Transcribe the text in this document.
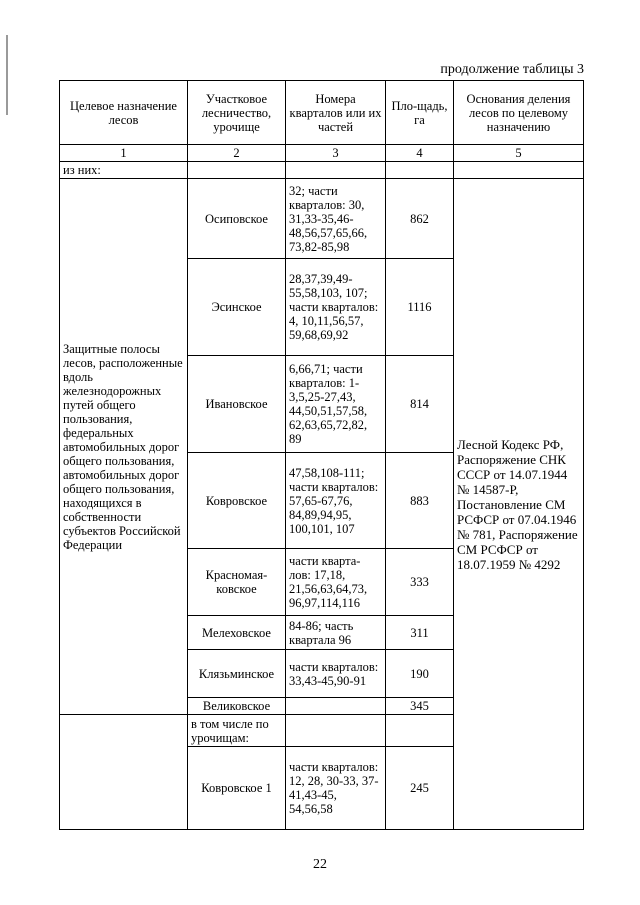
продолжение таблицы 3
Целевое назначение лесов	Участковое лесничество, урочище	Номера кварталов или их частей	Пло-щадь, га	Основания деления лесов по целевому назначению
1	2	3	4	5
из них:				
Защитные полосы лесов, расположенные вдоль железнодорожных путей общего пользования, федеральных автомобильных дорог общего пользования, автомобильных дорог общего пользования, находящихся в собственности субъектов Российской Федерации	Осиповское	32; части кварталов: 30, 31,33-35,46-48,56,57,65,66, 73,82-85,98	862	Лесной Кодекс РФ, Распоряжение СНК СССР от 14.07.1944 № 14587-Р, Постановление СМ РСФСР от 07.04.1946 № 781, Распоряжение СМ РСФСР от 18.07.1959 № 4292
	Эсинское	28,37,39,49-55,58,103, 107; части кварталов: 4, 10,11,56,57, 59,68,69,92	1116	
	Ивановское	6,66,71; части кварталов: 1-3,5,25-27,43, 44,50,51,57,58, 62,63,65,72,82, 89	814	
	Ковровское	47,58,108-111; части кварталов: 57,65-67,76, 84,89,94,95, 100,101, 107	883	
	Красномая-ковское	части кварта-лов: 17,18, 21,56,63,64,73, 96,97,114,116	333	
	Мелеховское	84-86; часть квартала 96	311	
	Клязьминское	части кварталов: 33,43-45,90-91	190	
	Великовское		345	
	в том числе по урочищам:			
	Ковровское 1	части кварталов: 12, 28, 30-33, 37-41,43-45, 54,56,58	245	
22
